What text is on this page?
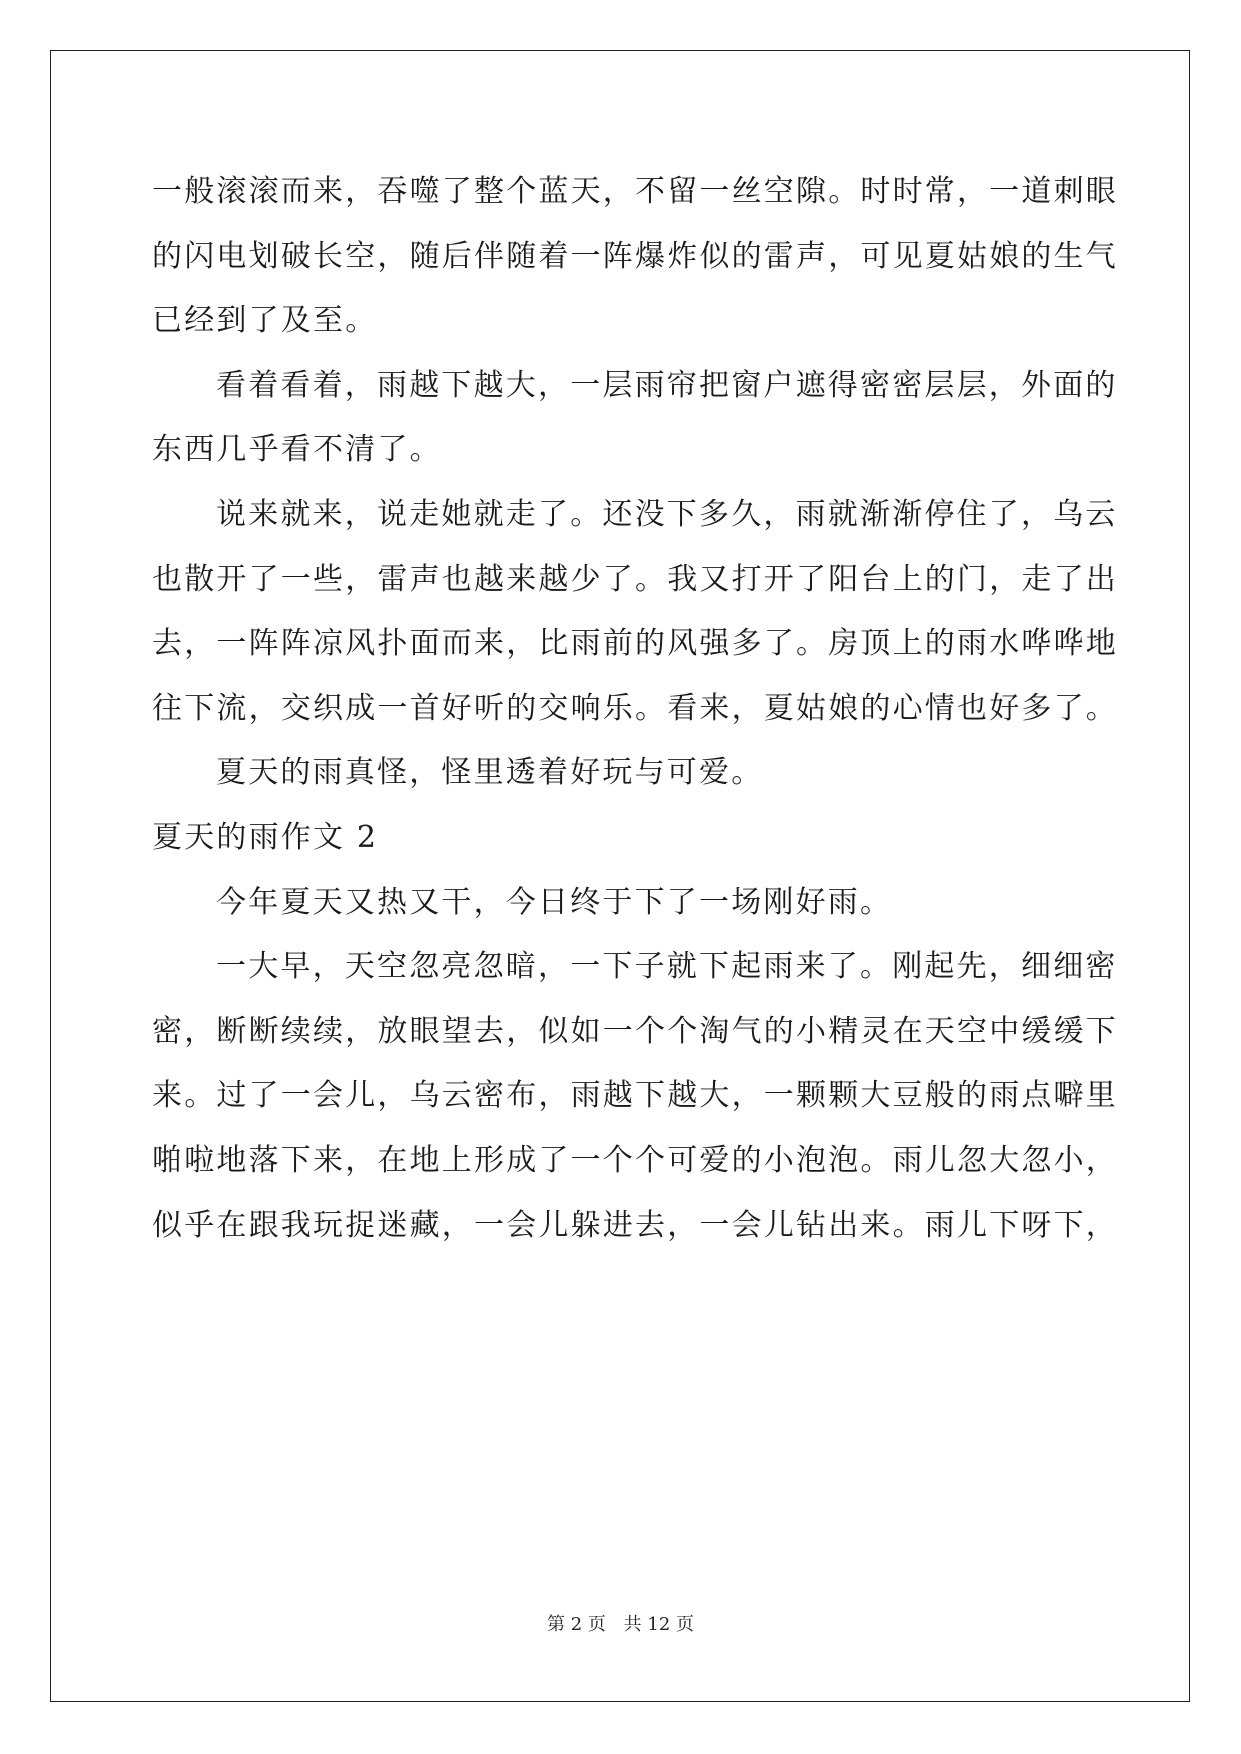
一般滚滚而来，吞噬了整个蓝天，不留一丝空隙。时时常，一道刺眼
的闪电划破长空，随后伴随着一阵爆炸似的雷声，可见夏姑娘的生气
已经到了及至。
看着看着，雨越下越大，一层雨帘把窗户遮得密密层层，外面的
东西几乎看不清了。
说来就来，说走她就走了。还没下多久，雨就渐渐停住了，乌云
也散开了一些，雷声也越来越少了。我又打开了阳台上的门，走了出
去，一阵阵凉风扑面而来，比雨前的风强多了。房顶上的雨水哗哗地
往下流，交织成一首好听的交响乐。看来，夏姑娘的心情也好多了。
夏天的雨真怪，怪里透着好玩与可爱。
夏天的雨作文 2
今年夏天又热又干，今日终于下了一场刚好雨。
一大早，天空忽亮忽暗，一下子就下起雨来了。刚起先，细细密
密，断断续续，放眼望去，似如一个个淘气的小精灵在天空中缓缓下
来。过了一会儿，乌云密布，雨越下越大，一颗颗大豆般的雨点噼里
啪啦地落下来，在地上形成了一个个可爱的小泡泡。雨儿忽大忽小，
似乎在跟我玩捉迷藏，一会儿躲进去，一会儿钻出来。雨儿下呀下，
第 2 页 共 12 页
